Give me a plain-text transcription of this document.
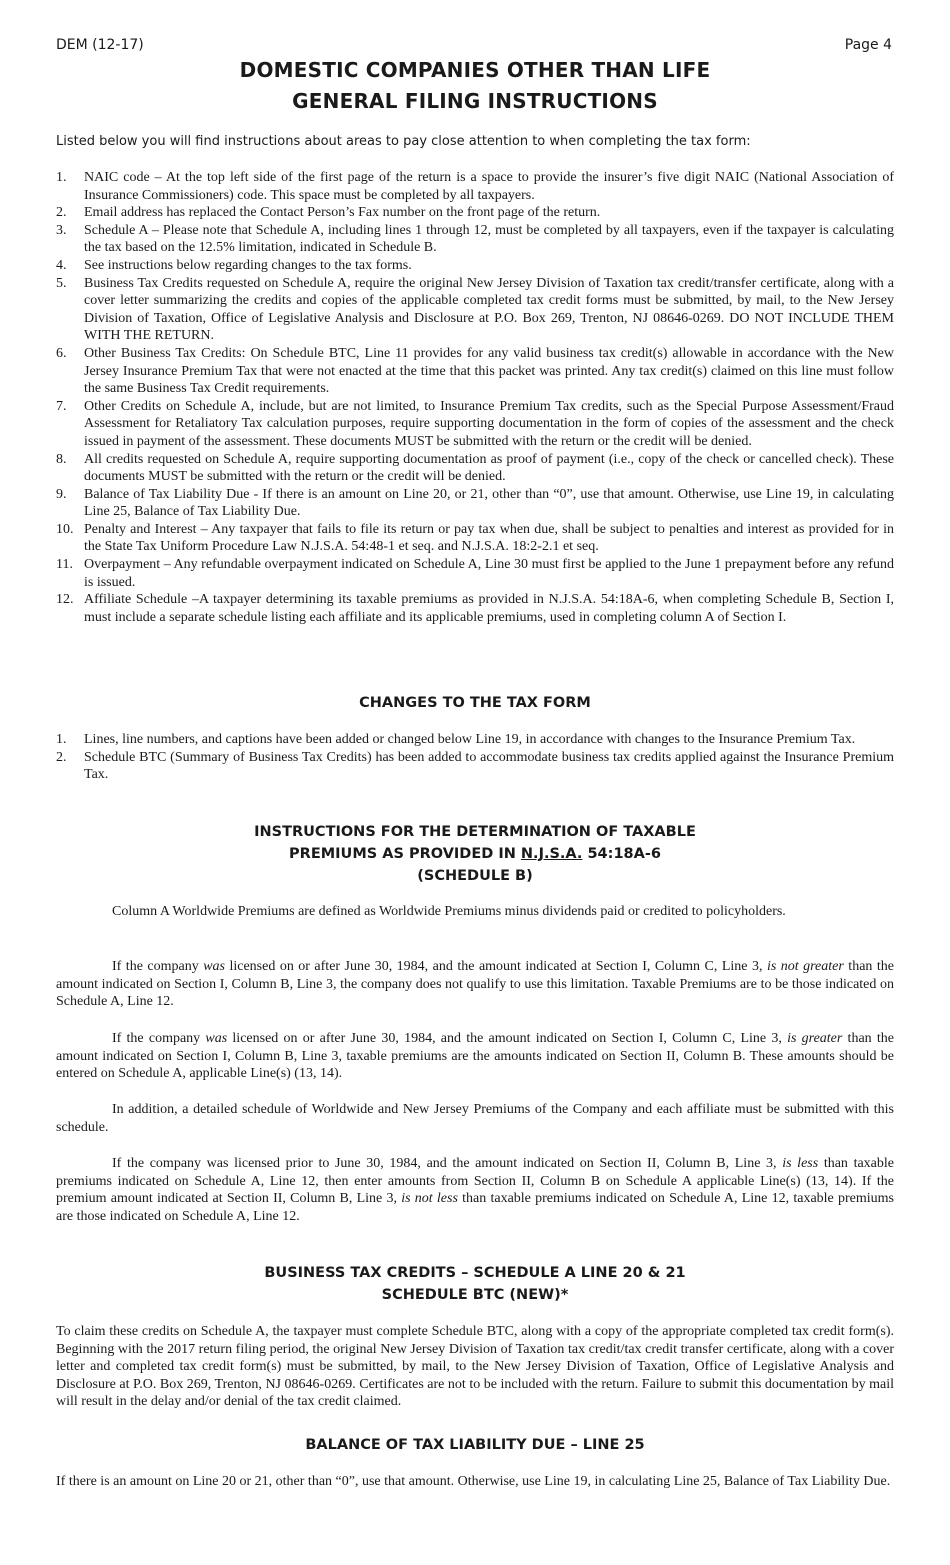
DEM (12-17)	Page 4
DOMESTIC COMPANIES OTHER THAN LIFE
GENERAL FILING INSTRUCTIONS
Listed below you will find instructions about areas to pay close attention to when completing the tax form:
1. NAIC code – At the top left side of the first page of the return is a space to provide the insurer’s five digit NAIC (National Association of Insurance Commissioners) code. This space must be completed by all taxpayers.
2. Email address has replaced the Contact Person’s Fax number on the front page of the return.
3. Schedule A – Please note that Schedule A, including lines 1 through 12, must be completed by all taxpayers, even if the taxpayer is calculating the tax based on the 12.5% limitation, indicated in Schedule B.
4. See instructions below regarding changes to the tax forms.
5. Business Tax Credits requested on Schedule A, require the original New Jersey Division of Taxation tax credit/transfer certificate, along with a cover letter summarizing the credits and copies of the applicable completed tax credit forms must be submitted, by mail, to the New Jersey Division of Taxation, Office of Legislative Analysis and Disclosure at P.O. Box 269, Trenton, NJ 08646-0269. DO NOT INCLUDE THEM WITH THE RETURN.
6. Other Business Tax Credits: On Schedule BTC, Line 11 provides for any valid business tax credit(s) allowable in accordance with the New Jersey Insurance Premium Tax that were not enacted at the time that this packet was printed. Any tax credit(s) claimed on this line must follow the same Business Tax Credit requirements.
7. Other Credits on Schedule A, include, but are not limited, to Insurance Premium Tax credits, such as the Special Purpose Assessment/Fraud Assessment for Retaliatory Tax calculation purposes, require supporting documentation in the form of copies of the assessment and the check issued in payment of the assessment. These documents MUST be submitted with the return or the credit will be denied.
8. All credits requested on Schedule A, require supporting documentation as proof of payment (i.e., copy of the check or cancelled check). These documents MUST be submitted with the return or the credit will be denied.
9. Balance of Tax Liability Due - If there is an amount on Line 20, or 21, other than “0”, use that amount. Otherwise, use Line 19, in calculating Line 25, Balance of Tax Liability Due.
10. Penalty and Interest – Any taxpayer that fails to file its return or pay tax when due, shall be subject to penalties and interest as provided for in the State Tax Uniform Procedure Law N.J.S.A. 54:48-1 et seq. and N.J.S.A. 18:2-2.1 et seq.
11. Overpayment – Any refundable overpayment indicated on Schedule A, Line 30 must first be applied to the June 1 prepayment before any refund is issued.
12. Affiliate Schedule –A taxpayer determining its taxable premiums as provided in N.J.S.A. 54:18A-6, when completing Schedule B, Section I, must include a separate schedule listing each affiliate and its applicable premiums, used in completing column A of Section I.
CHANGES TO THE TAX FORM
1. Lines, line numbers, and captions have been added or changed below Line 19, in accordance with changes to the Insurance Premium Tax.
2. Schedule BTC (Summary of Business Tax Credits) has been added to accommodate business tax credits applied against the Insurance Premium Tax.
INSTRUCTIONS FOR THE DETERMINATION OF TAXABLE
PREMIUMS AS PROVIDED IN N.J.S.A. 54:18A-6
(SCHEDULE B)
Column A Worldwide Premiums are defined as Worldwide Premiums minus dividends paid or credited to policyholders.
If the company was licensed on or after June 30, 1984, and the amount indicated at Section I, Column C, Line 3, is not greater than the amount indicated on Section I, Column B, Line 3, the company does not qualify to use this limitation. Taxable Premiums are to be those indicated on Schedule A, Line 12.
If the company was licensed on or after June 30, 1984, and the amount indicated on Section I, Column C, Line 3, is greater than the amount indicated on Section I, Column B, Line 3, taxable premiums are the amounts indicated on Section II, Column B. These amounts should be entered on Schedule A, applicable Line(s) (13, 14).
In addition, a detailed schedule of Worldwide and New Jersey Premiums of the Company and each affiliate must be submitted with this schedule.
If the company was licensed prior to June 30, 1984, and the amount indicated on Section II, Column B, Line 3, is less than taxable premiums indicated on Schedule A, Line 12, then enter amounts from Section II, Column B on Schedule A applicable Line(s) (13, 14). If the premium amount indicated at Section II, Column B, Line 3, is not less than taxable premiums indicated on Schedule A, Line 12, taxable premiums are those indicated on Schedule A, Line 12.
BUSINESS TAX CREDITS – SCHEDULE A LINE 20 & 21
SCHEDULE BTC (NEW)*
To claim these credits on Schedule A, the taxpayer must complete Schedule BTC, along with a copy of the appropriate completed tax credit form(s). Beginning with the 2017 return filing period, the original New Jersey Division of Taxation tax credit/tax credit transfer certificate, along with a cover letter and completed tax credit form(s) must be submitted, by mail, to the New Jersey Division of Taxation, Office of Legislative Analysis and Disclosure at P.O. Box 269, Trenton, NJ 08646-0269. Certificates are not to be included with the return. Failure to submit this documentation by mail will result in the delay and/or denial of the tax credit claimed.
BALANCE OF TAX LIABILITY DUE – LINE 25
If there is an amount on Line 20 or 21, other than “0”, use that amount. Otherwise, use Line 19, in calculating Line 25, Balance of Tax Liability Due.
